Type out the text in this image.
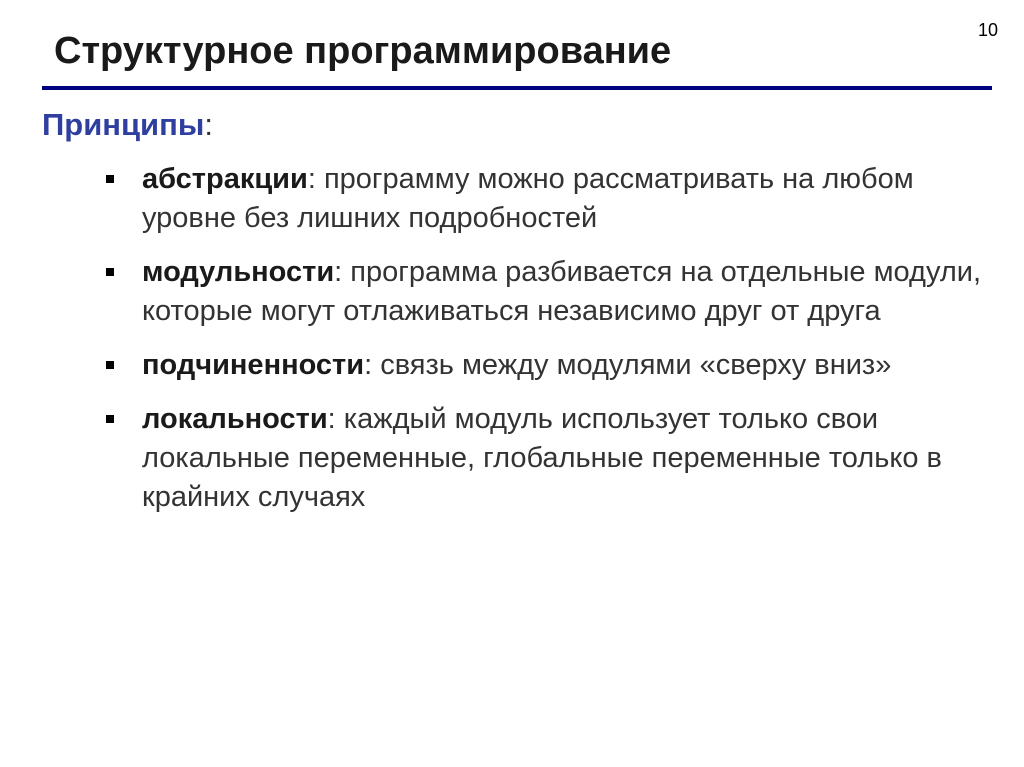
10
Структурное программирование
Принципы:
абстракции: программу можно рассматривать на любом уровне без лишних подробностей
модульности: программа разбивается на отдельные модули, которые могут отлаживаться независимо друг от друга
подчиненности: связь между модулями «сверху вниз»
локальности: каждый модуль использует только свои локальные переменные, глобальные переменные только в крайних случаях
